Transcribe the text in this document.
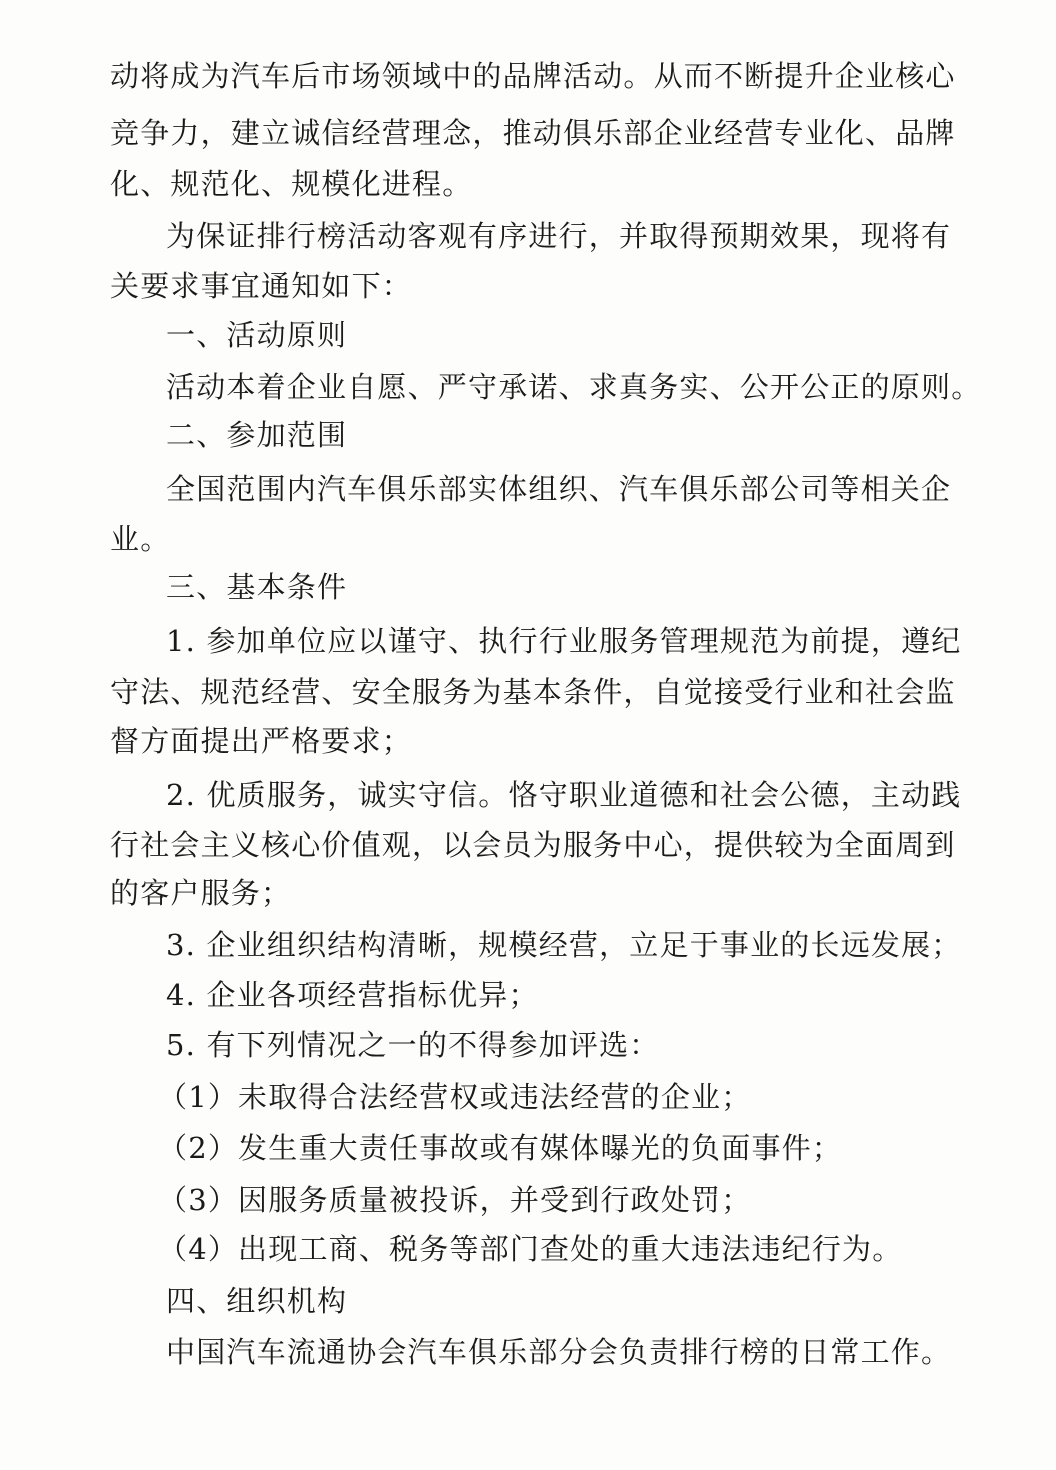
动将成为汽车后市场领域中的品牌活动。从而不断提升企业核心
竞争力，建立诚信经营理念，推动俱乐部企业经营专业化、品牌
化、规范化、规模化进程。
为保证排行榜活动客观有序进行，并取得预期效果，现将有
关要求事宜通知如下：
一、活动原则
活动本着企业自愿、严守承诺、求真务实、公开公正的原则。
二、参加范围
全国范围内汽车俱乐部实体组织、汽车俱乐部公司等相关企
业。
三、基本条件
1. 参加单位应以谨守、执行行业服务管理规范为前提，遵纪
守法、规范经营、安全服务为基本条件，自觉接受行业和社会监
督方面提出严格要求；
2. 优质服务，诚实守信。恪守职业道德和社会公德，主动践
行社会主义核心价值观，以会员为服务中心，提供较为全面周到
的客户服务；
3. 企业组织结构清晰，规模经营，立足于事业的长远发展；
4. 企业各项经营指标优异；
5. 有下列情况之一的不得参加评选：
（1）未取得合法经营权或违法经营的企业；
（2）发生重大责任事故或有媒体曝光的负面事件；
（3）因服务质量被投诉，并受到行政处罚；
（4）出现工商、税务等部门查处的重大违法违纪行为。
四、组织机构
中国汽车流通协会汽车俱乐部分会负责排行榜的日常工作。
